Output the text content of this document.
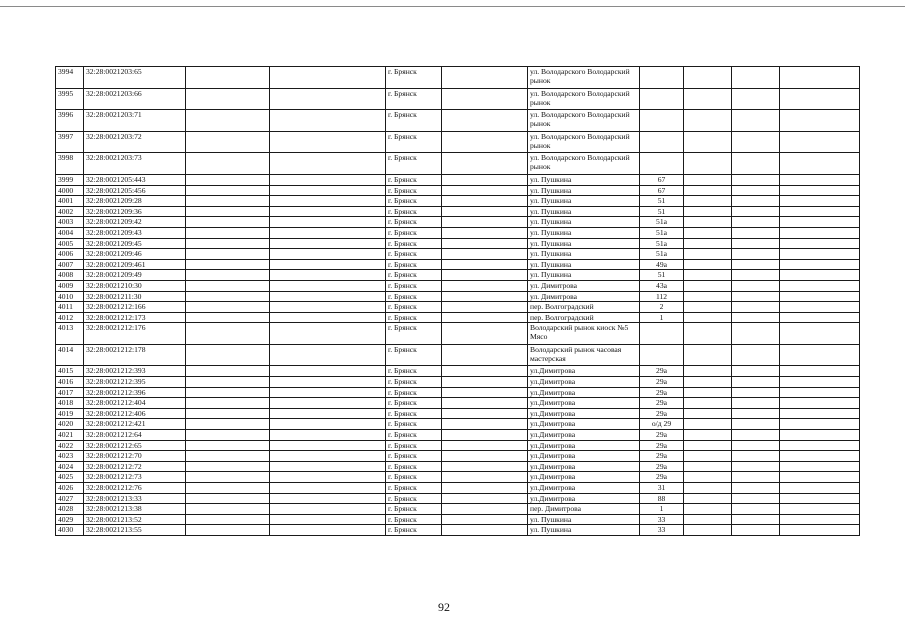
3994	32:28:0021203:65			г. Брянск		ул. Володарского Володарский рынок				
3995	32:28:0021203:66			г. Брянск		ул. Володарского Володарский рынок				
3996	32:28:0021203:71			г. Брянск		ул. Володарского Володарский рынок				
3997	32:28:0021203:72			г. Брянск		ул. Володарского Володарский рынок				
3998	32:28:0021203:73			г. Брянск		ул. Володарского Володарский рынок				
3999	32:28:0021205:443			г. Брянск		ул. Пушкина	67			
4000	32:28:0021205:456			г. Брянск		ул. Пушкина	67			
4001	32:28:0021209:28			г. Брянск		ул. Пушкина	51			
4002	32:28:0021209:36			г. Брянск		ул. Пушкина	51			
4003	32:28:0021209:42			г. Брянск		ул. Пушкина	51а			
4004	32:28:0021209:43			г. Брянск		ул. Пушкина	51а			
4005	32:28:0021209:45			г. Брянск		ул. Пушкина	51а			
4006	32:28:0021209:46			г. Брянск		ул. Пушкина	51а			
4007	32:28:0021209:461			г. Брянск		ул. Пушкина	49а			
4008	32:28:0021209:49			г. Брянск		ул. Пушкина	51			
4009	32:28:0021210:30			г. Брянск		ул. Димитрова	43а			
4010	32:28:0021211:30			г. Брянск		ул. Димитрова	112			
4011	32:28:0021212:166			г. Брянск		пер. Волгоградский	2			
4012	32:28:0021212:173			г. Брянск		пер. Волгоградский	1			
4013	32:28:0021212:176			г. Брянск		Володарский рынок киоск №5 Мясо				
4014	32:28:0021212:178			г. Брянск		Володарский рынок часовая мастерская				
4015	32:28:0021212:393			г. Брянск		ул.Димитрова	29а			
4016	32:28:0021212:395			г. Брянск		ул.Димитрова	29а			
4017	32:28:0021212:396			г. Брянск		ул.Димитрова	29а			
4018	32:28:0021212:404			г. Брянск		ул.Димитрова	29а			
4019	32:28:0021212:406			г. Брянск		ул.Димитрова	29а			
4020	32:28:0021212:421			г. Брянск		ул.Димитрова	о/д 29			
4021	32:28:0021212:64			г. Брянск		ул.Димитрова	29а			
4022	32:28:0021212:65			г. Брянск		ул.Димитрова	29а			
4023	32:28:0021212:70			г. Брянск		ул.Димитрова	29а			
4024	32:28:0021212:72			г. Брянск		ул.Димитрова	29а			
4025	32:28:0021212:73			г. Брянск		ул.Димитрова	29а			
4026	32:28:0021212:76			г. Брянск		ул.Димитрова	31			
4027	32:28:0021213:33			г. Брянск		ул.Димитрова	88			
4028	32:28:0021213:38			г. Брянск		пер. Димитрова	1			
4029	32:28:0021213:52			г. Брянск		ул. Пушкина	33			
4030	32:28:0021213:55			г. Брянск		ул. Пушкина	33			
92
